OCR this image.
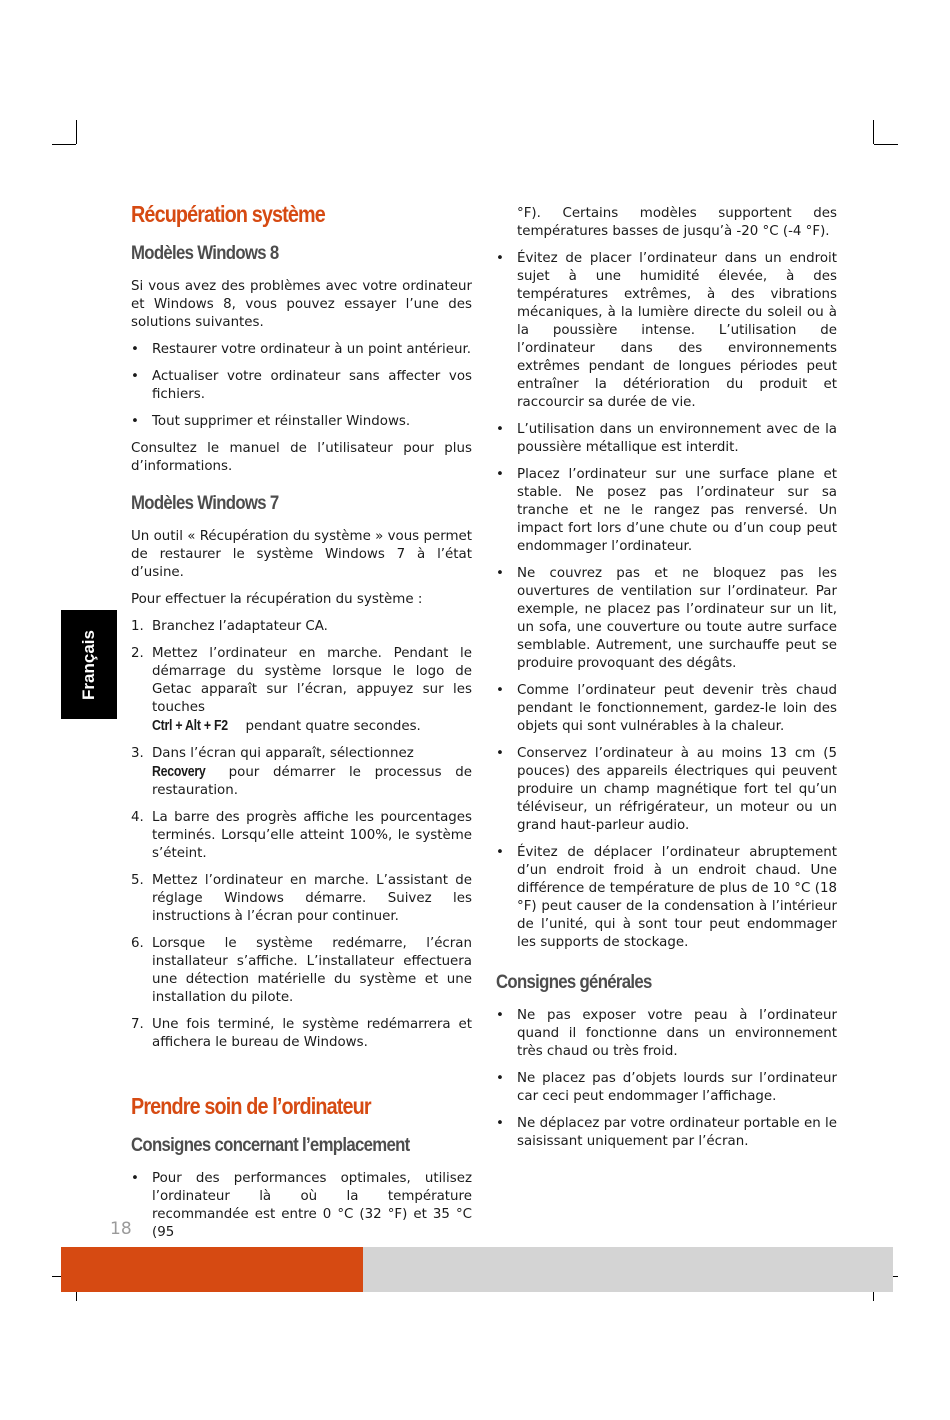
Français
Récupération système
Modèles Windows 8

Si vous avez des problèmes avec votre ordinateur et Windows 8, vous pouvez essayer l’une des solutions suivantes.

• Restaurer votre ordinateur à un point antérieur.
• Actualiser votre ordinateur sans affecter vos fichiers.
• Tout supprimer et réinstaller Windows.

Consultez le manuel de l’utilisateur pour plus d’informations.

Modèles Windows 7

Un outil « Récupération du système » vous permet de restaurer le système Windows 7 à l’état d’usine.

Pour effectuer la récupération du système :

1. Branchez l’adaptateur CA.
2. Mettez l’ordinateur en marche. Pendant le démarrage du système lorsque le logo de Getac apparaît sur l’écran, appuyez sur les touches
Ctrl + Alt + F2 pendant quatre secondes.
3. Dans l’écran qui apparaît, sélectionnez
Recovery pour démarrer le processus de restauration.
4. La barre des progrès affiche les pourcentages terminés. Lorsqu’elle atteint 100%, le système s’éteint.
5. Mettez l’ordinateur en marche. L’assistant de réglage Windows démarre. Suivez les instructions à l’écran pour continuer.
6. Lorsque le système redémarre, l’écran installateur s’affiche. L’installateur effectuera une détection matérielle du système et une installation du pilote.
7. Une fois terminé, le système redémarrera et affichera le bureau de Windows.
Prendre soin de l’ordinateur
Consignes concernant l’emplacement
• Pour des performances optimales, utilisez l’ordinateur là où la température recommandée est entre 0 °C (32 °F) et 35 °C (95
°F). Certains modèles supportent des températures basses de jusqu’à -20 °C (-4 °F).
• Évitez de placer l’ordinateur dans un endroit sujet à une humidité élevée, à des températures extrêmes, à des vibrations mécaniques, à la lumière directe du soleil ou à la poussière intense. L’utilisation de l’ordinateur dans des environnements extrêmes pendant de longues périodes peut entraîner la détérioration du produit et raccourcir sa durée de vie.
• L’utilisation dans un environnement avec de la poussière métallique est interdit.
• Placez l’ordinateur sur une surface plane et stable. Ne posez pas l’ordinateur sur sa tranche et ne le rangez pas renversé. Un impact fort lors d’une chute ou d’un coup peut endommager l’ordinateur.
• Ne couvrez pas et ne bloquez pas les ouvertures de ventilation sur l’ordinateur. Par exemple, ne placez pas l’ordinateur sur un lit, un sofa, une couverture ou toute autre surface semblable. Autrement, une surchauffe peut se produire provoquant des dégâts.
• Comme l’ordinateur peut devenir très chaud pendant le fonctionnement, gardez-le loin des objets qui sont vulnérables à la chaleur.
• Conservez l’ordinateur à au moins 13 cm (5 pouces) des appareils électriques qui peuvent produire un champ magnétique fort tel qu’un téléviseur, un réfrigérateur, un moteur ou un grand haut-parleur audio.
• Évitez de déplacer l’ordinateur abruptement d’un endroit froid à un endroit chaud. Une différence de température de plus de 10 °C (18 °F) peut causer de la condensation à l’intérieur de l’unité, qui à sont tour peut endommager les supports de stockage.
Consignes générales
• Ne pas exposer votre peau à l’ordinateur quand il fonctionne dans un environnement très chaud ou très froid.
• Ne placez pas d’objets lourds sur l’ordinateur car ceci peut endommager l’affichage.
• Ne déplacez par votre ordinateur portable en le saisissant uniquement par l’écran.
18
